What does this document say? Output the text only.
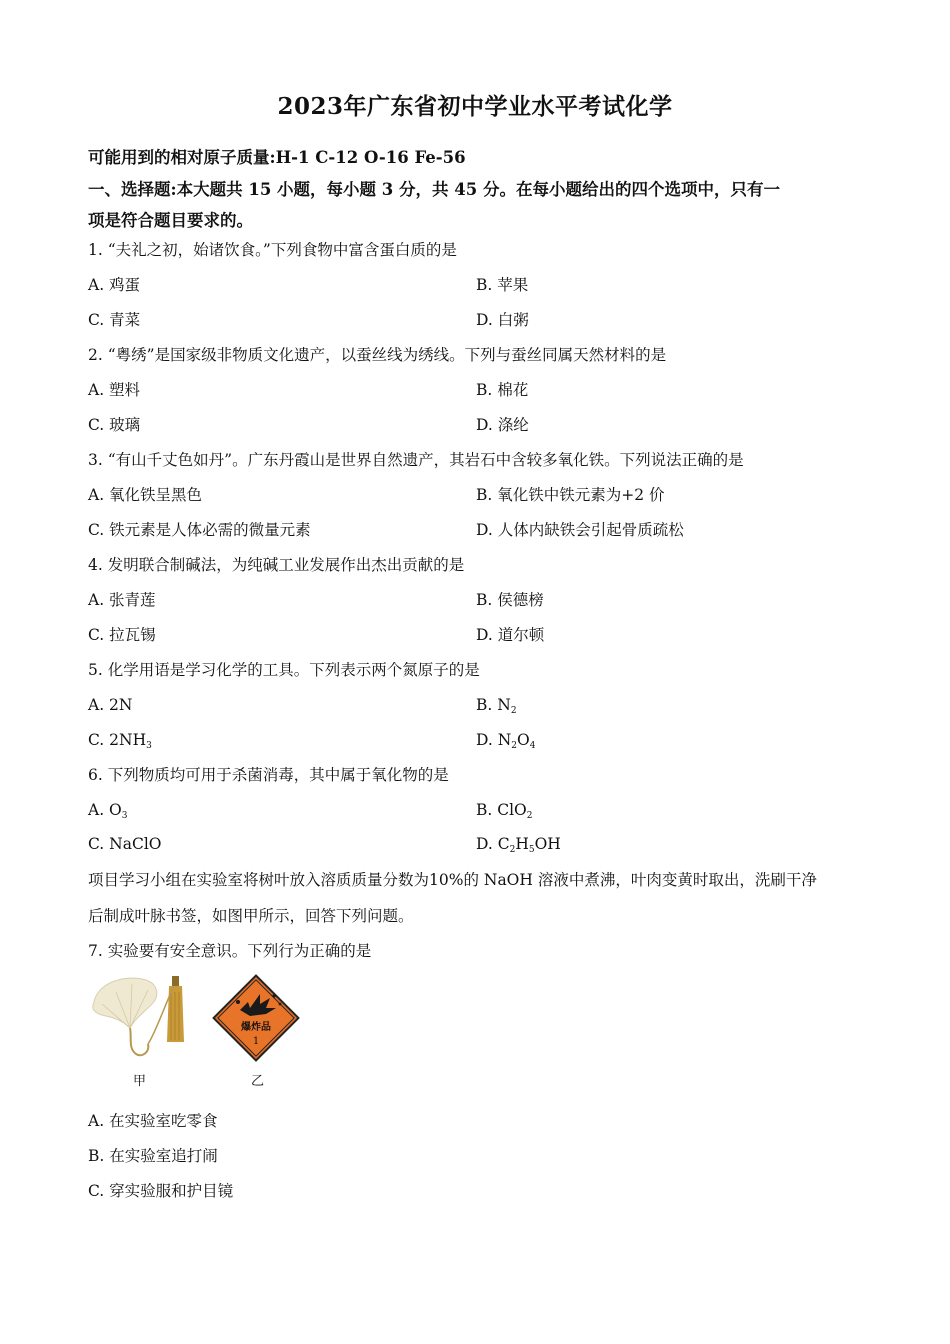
2023年广东省初中学业水平考试化学
可能用到的相对原子质量:H-1 C-12 O-16 Fe-56
一、选择题:本大题共 15 小题，每小题 3 分，共 45 分。在每小题给出的四个选项中，只有一
项是符合题目要求的。
1. “夫礼之初，始诸饮食。”下列食物中富含蛋白质的是
A. 鸡蛋	B. 苹果
C. 青菜	D. 白粥
2. “粤绣”是国家级非物质文化遗产，以蚕丝线为绣线。下列与蚕丝同属天然材料的是
A. 塑料	B. 棉花
C. 玻璃	D. 涤纶
3. “有山千丈色如丹”。广东丹霞山是世界自然遗产，其岩石中含较多氧化铁。下列说法正确的是
A. 氧化铁呈黑色	B. 氧化铁中铁元素为+2 价
C. 铁元素是人体必需的微量元素	D. 人体内缺铁会引起骨质疏松
4. 发明联合制碱法，为纯碱工业发展作出杰出贡献的是
A. 张青莲	B. 侯德榜
C. 拉瓦锡	D. 道尔顿
5. 化学用语是学习化学的工具。下列表示两个氮原子的是
A. 2N	B. $N_2$
C. $2NH_3$	D. $N_2O_4$
6. 下列物质均可用于杀菌消毒，其中属于氧化物的是
A. $O_3$	B. ClO$_2$
C. NaClO	D. $C_2H_5OH$
项目学习小组在实验室将树叶放入溶质质量分数为10%的 NaOH 溶液中煮沸，叶肉变黄时取出，洗刷干净
后制成叶脉书签，如图甲所示，回答下列问题。
7. 实验要有安全意识。下列行为正确的是
甲
爆炸品
1
乙
A. 在实验室吃零食
B. 在实验室追打闹
C. 穿实验服和护目镜
